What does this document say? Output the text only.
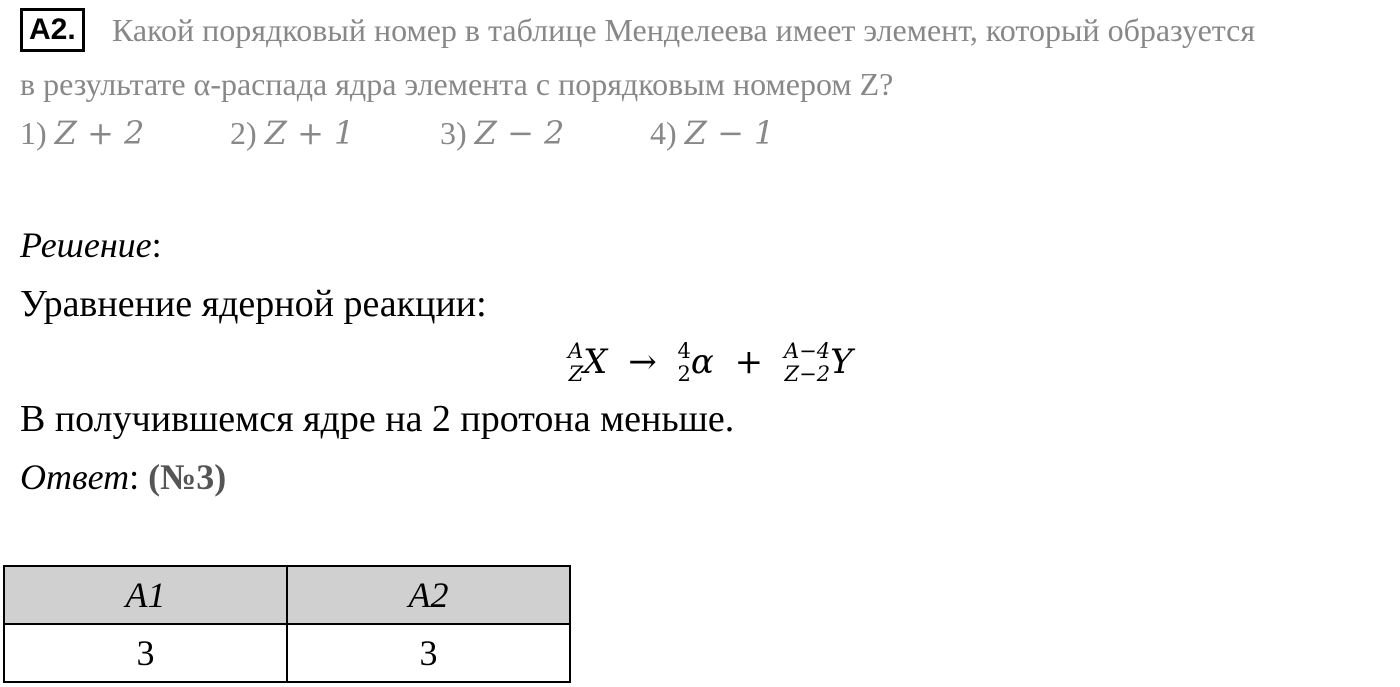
A2. Какой порядковый номер в таблице Менделеева имеет элемент, который образуется
в результате α-распада ядра элемента с порядковым номером Z?
1) Z + 2	2) Z + 1	3) Z − 2	4) Z − 1
Решение:
Уравнение ядерной реакции:
A
Z X → 4
2 α + A−4
Z−2 Y
В получившемся ядре на 2 протона меньше.
Ответ: (№3)
A1	A2
3	3
